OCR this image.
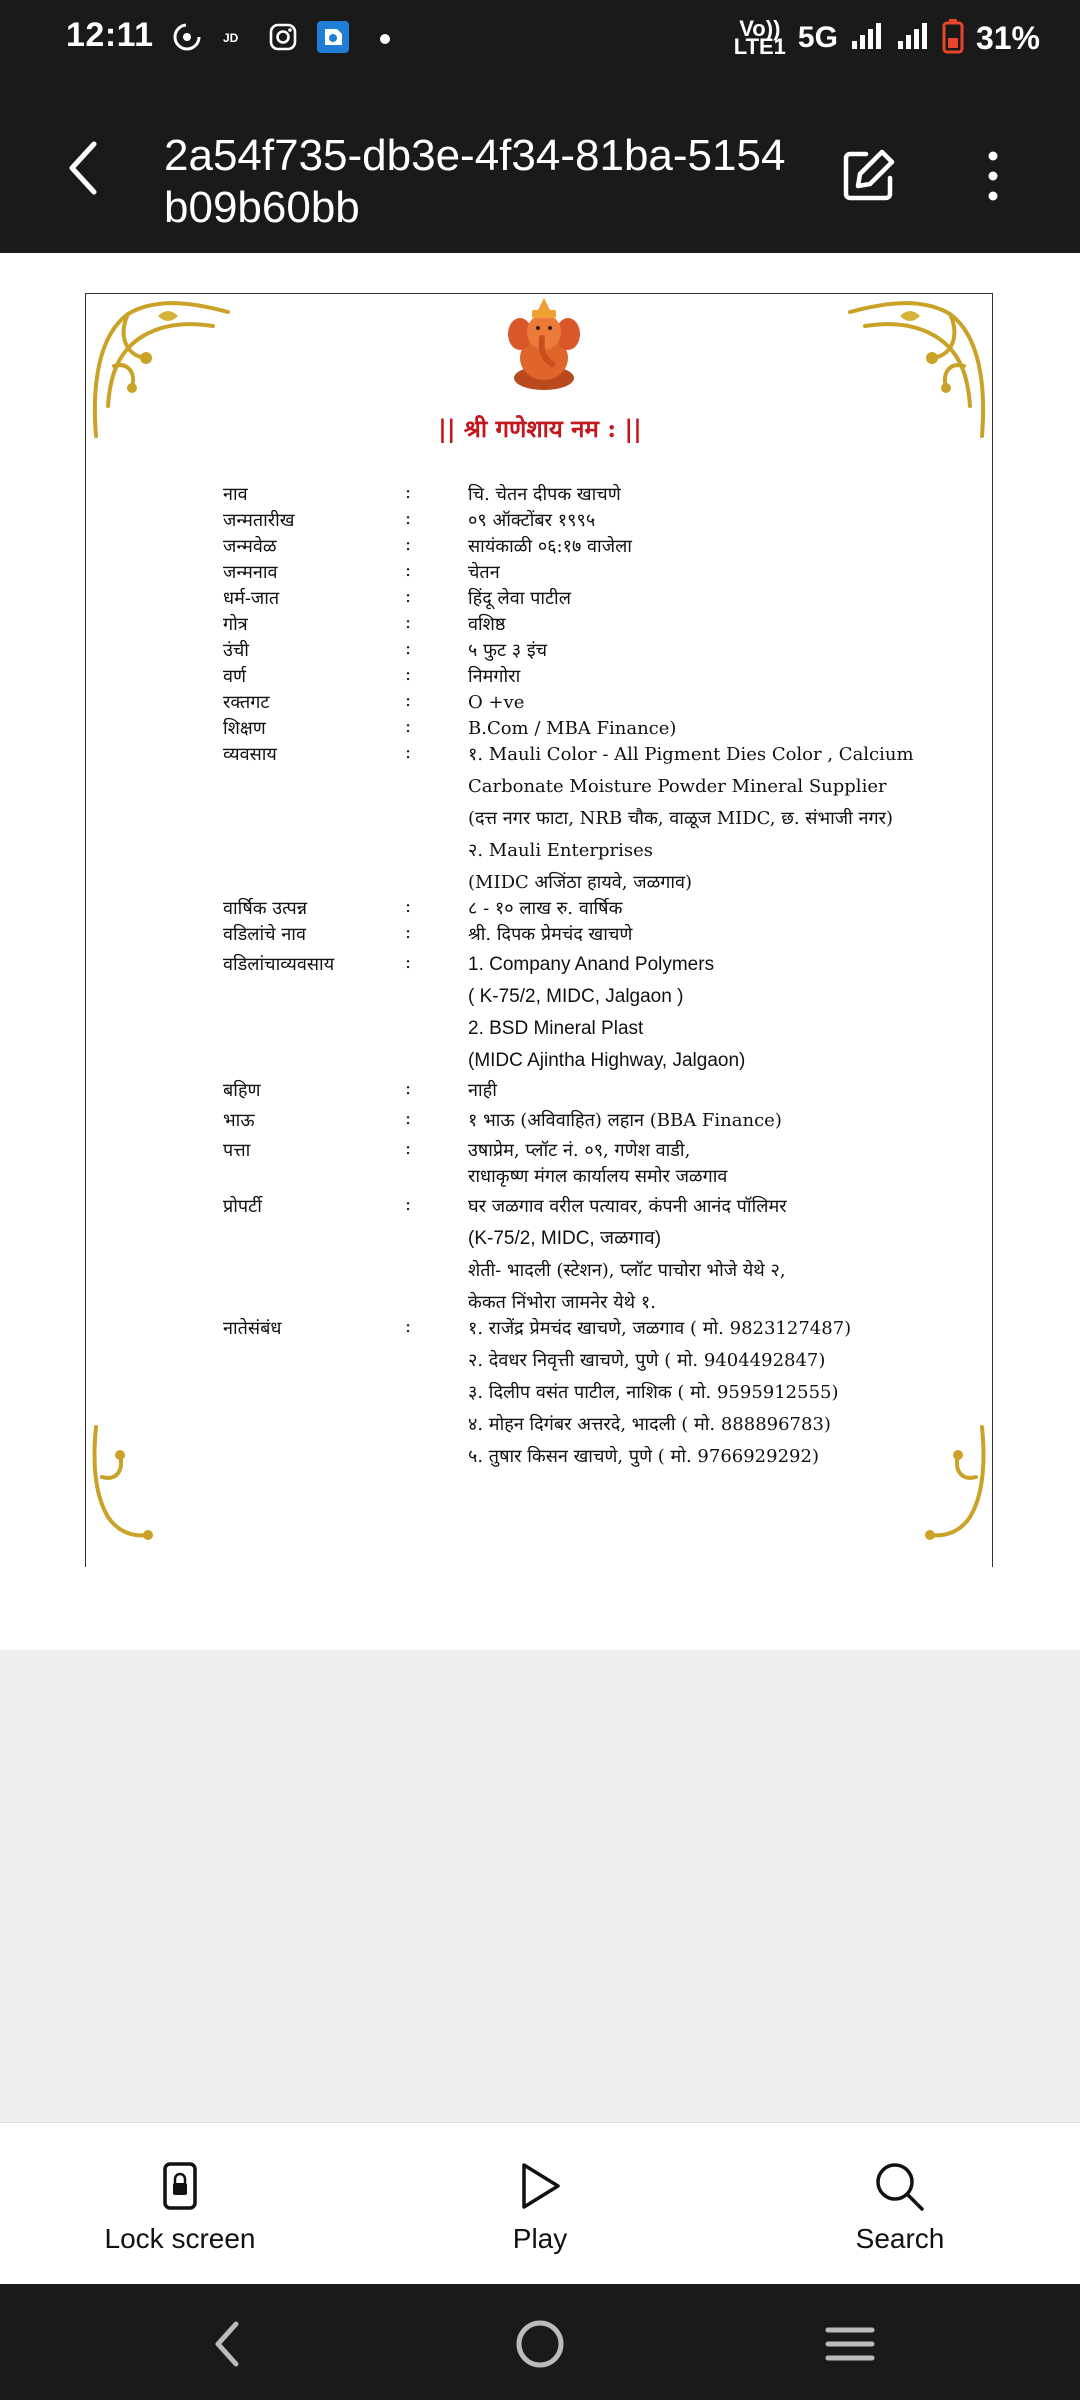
12:11	JD	Vo))
LTE1 5G	31%
2a54f735-db3e-4f34-81ba-5154b09b60bb
|| श्री गणेशाय नम : ||
नाव	:	चि. चेतन दीपक खाचणे
जन्मतारीख	:	०९ ऑक्टोंबर १९९५
जन्मवेळ	:	सायंकाळी ०६:१७ वाजेला
जन्मनाव	:	चेतन
धर्म-जात	:	हिंदू लेवा पाटील
गोत्र	:	वशिष्ठ
उंची	:	५ फुट ३ इंच
वर्ण	:	निमगोरा
रक्तगट	:	O +ve
शिक्षण	:	B.Com / MBA Finance)
व्यवसाय	:	१. Mauli Color - All Pigment Dies Color , Calcium
Carbonate Moisture Powder Mineral Supplier
(दत्त नगर फाटा, NRB चौक, वाळूज MIDC, छ. संभाजी नगर)
२. Mauli Enterprises
(MIDC अजिंठा हायवे, जळगाव)
वार्षिक उत्पन्न	:	८ - १० लाख रु. वार्षिक
वडिलांचे नाव	:	श्री. दिपक प्रेमचंद खाचणे
वडिलांचाव्यवसाय	:	1. Company Anand Polymers
( K-75/2, MIDC, Jalgaon )
2. BSD Mineral Plast
(MIDC Ajintha Highway, Jalgaon)
बहिण	:	नाही
भाऊ	:	१ भाऊ (अविवाहित) लहान (BBA Finance)
पत्ता	:	उषाप्रेम, प्लॉट नं. ०९, गणेश वाडी,
राधाकृष्ण मंगल कार्यालय समोर जळगाव
प्रोपर्टी	:	घर जळगाव वरील पत्यावर, कंपनी आनंद पॉलिमर
(K-75/2, MIDC, जळगाव)
शेती- भादली (स्टेशन), प्लॉट पाचोरा भोजे येथे २,
केकत निंभोरा जामनेर येथे १.
नातेसंबंध	:	१. राजेंद्र प्रेमचंद खाचणे, जळगाव ( मो. 9823127487)
२. देवधर निवृत्ती खाचणे, पुणे ( मो. 9404492847)
३. दिलीप वसंत पाटील, नाशिक ( मो. 9595912555)
४. मोहन दिगंबर अत्तरदे, भादली ( मो. 888896783)
५. तुषार किसन खाचणे, पुणे ( मो. 9766929292)
Lock screen	Play	Search
